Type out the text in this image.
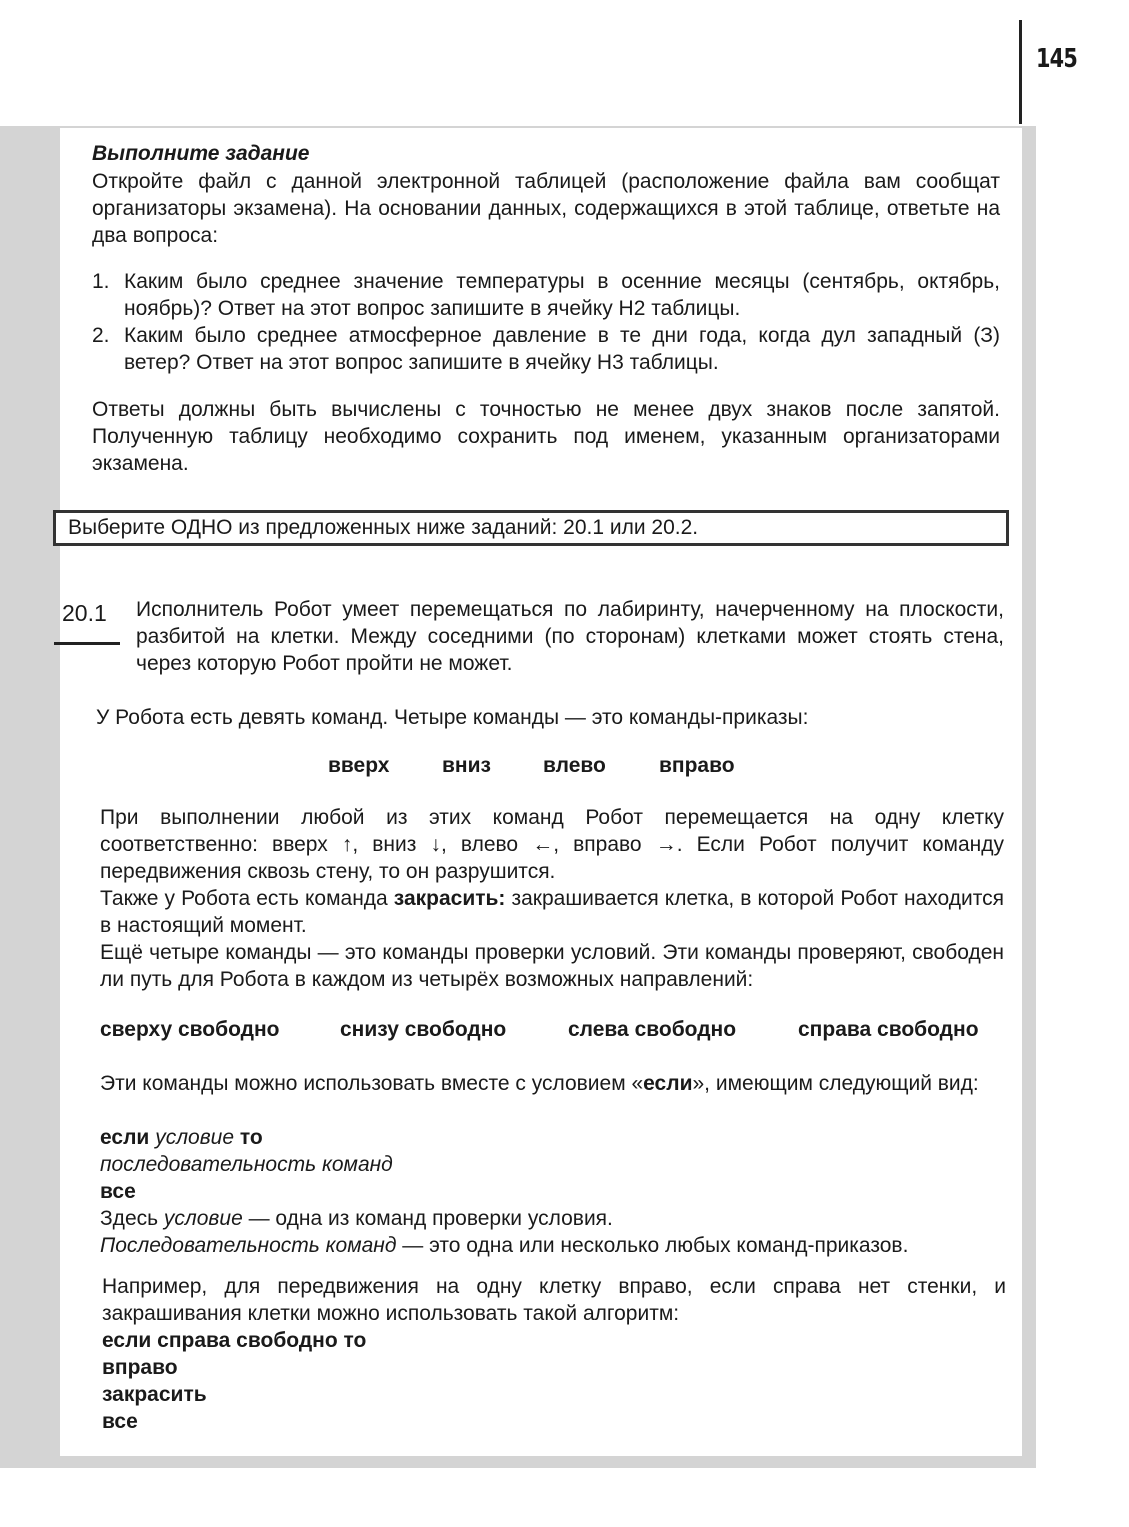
145
Выполните задание
Откройте файл с данной электронной таблицей (расположение файла вам сообщат организаторы экзамена). На основании данных, содержащихся в этой таблице, ответьте на два вопроса:
1. Каким было среднее значение температуры в осенние месяцы (сентябрь, октябрь, ноябрь)? Ответ на этот вопрос запишите в ячейку H2 таблицы.
2. Каким было среднее атмосферное давление в те дни года, когда дул западный (З) ветер? Ответ на этот вопрос запишите в ячейку H3 таблицы.
Ответы должны быть вычислены с точностью не менее двух знаков после запятой. Полученную таблицу необходимо сохранить под именем, указанным организаторами экзамена.
Выберите ОДНО из предложенных ниже заданий: 20.1 или 20.2.
20.1 Исполнитель Робот умеет перемещаться по лабиринту, начерченному на плоскости, разбитой на клетки. Между соседними (по сторонам) клетками может стоять стена, через которую Робот пройти не может.
У Робота есть девять команд. Четыре команды — это команды-приказы:
вверх	вниз влево	вправо
При выполнении любой из этих команд Робот перемещается на одну клетку соответственно: вверх ↑, вниз ↓, влево ←, вправо →. Если Робот получит команду передвижения сквозь стену, то он разрушится.
Также у Робота есть команда закрасить: закрашивается клетка, в которой Робот находится в настоящий момент.
Ещё четыре команды — это команды проверки условий. Эти команды проверяют, свободен ли путь для Робота в каждом из четырёх возможных направлений:
сверху свободно	снизу свободно	слева свободно	справа свободно
Эти команды можно использовать вместе с условием «если», имеющим следующий вид:
если условие то
последовательность команд
все
Здесь условие — одна из команд проверки условия.
Последовательность команд — это одна или несколько любых команд-приказов.
Например, для передвижения на одну клетку вправо, если справа нет стенки, и закрашивания клетки можно использовать такой алгоритм:
если справа свободно то
вправо
закрасить
все
